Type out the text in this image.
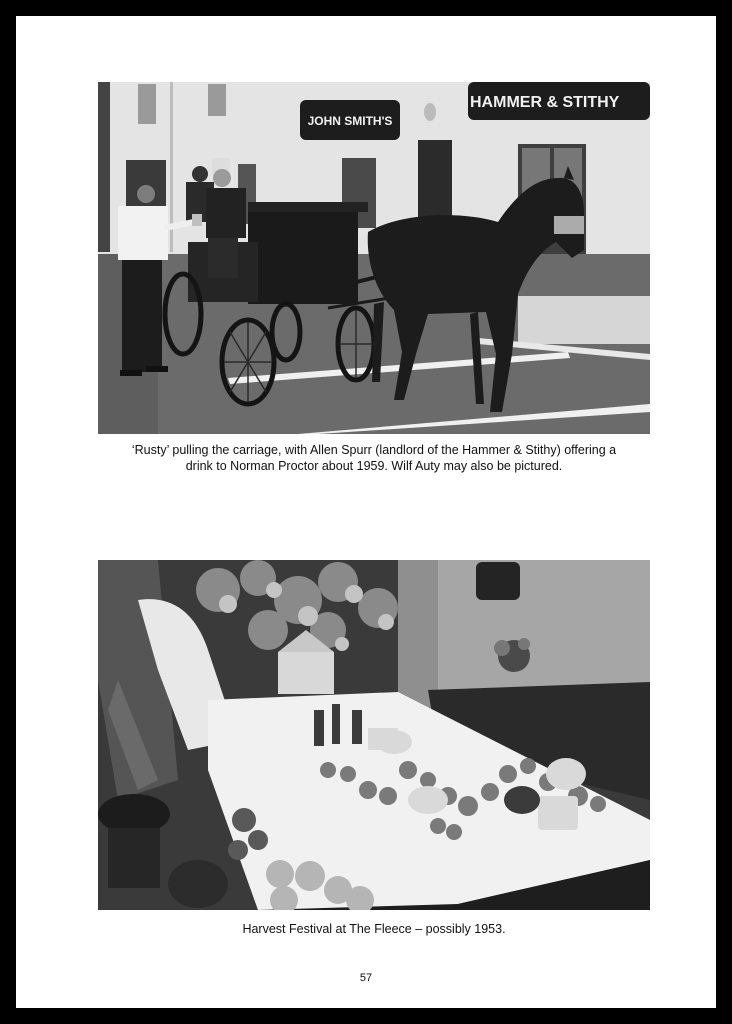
JOHN SMITH'S
HAMMER & STITHY
‘Rusty’ pulling the carriage, with Allen Spurr (landlord of the Hammer & Stithy) offering a
drink to Norman Proctor about 1959. Wilf Auty may also be pictured.
Harvest Festival at The Fleece – possibly 1953.
57
